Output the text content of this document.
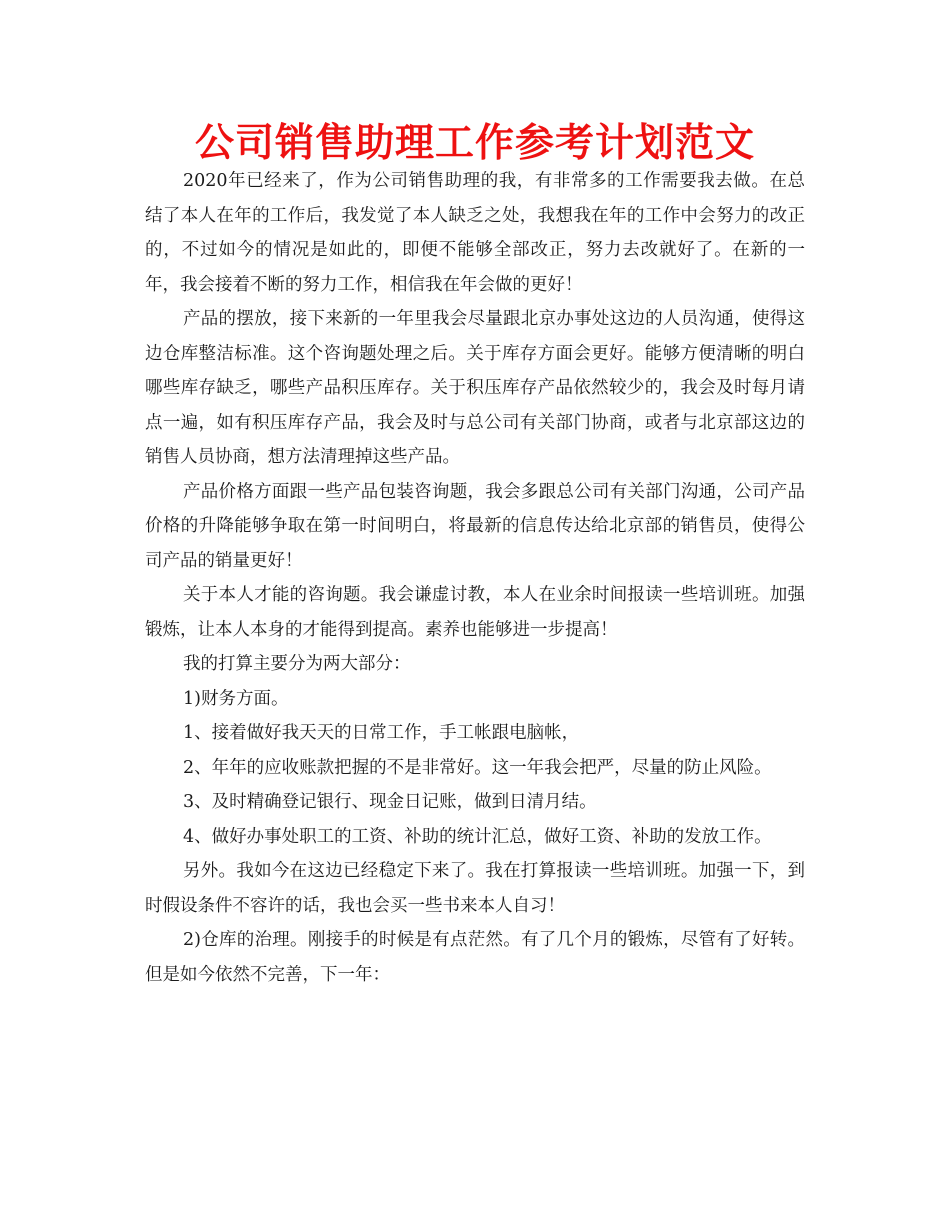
公司销售助理工作参考计划范文

2020年已经来了，作为公司销售助理的我，有非常多的工作需要我去做。在总结了本人在年的工作后，我发觉了本人缺乏之处，我想我在年的工作中会努力的改正的，不过如今的情况是如此的，即便不能够全部改正，努力去改就好了。在新的一年，我会接着不断的努力工作，相信我在年会做的更好！

产品的摆放，接下来新的一年里我会尽量跟北京办事处这边的人员沟通，使得这边仓库整洁标准。这个咨询题处理之后。关于库存方面会更好。能够方便清晰的明白哪些库存缺乏，哪些产品积压库存。关于积压库存产品依然较少的，我会及时每月请点一遍，如有积压库存产品，我会及时与总公司有关部门协商，或者与北京部这边的销售人员协商，想方法清理掉这些产品。

产品价格方面跟一些产品包装咨询题，我会多跟总公司有关部门沟通，公司产品价格的升降能够争取在第一时间明白，将最新的信息传达给北京部的销售员，使得公司产品的销量更好！

关于本人才能的咨询题。我会谦虚讨教，本人在业余时间报读一些培训班。加强锻炼，让本人本身的才能得到提高。素养也能够进一步提高！

我的打算主要分为两大部分：

1)财务方面。

1、接着做好我天天的日常工作，手工帐跟电脑帐，

2、年年的应收账款把握的不是非常好。这一年我会把严，尽量的防止风险。

3、及时精确登记银行、现金日记账，做到日清月结。

4、做好办事处职工的工资、补助的统计汇总，做好工资、补助的发放工作。

另外。我如今在这边已经稳定下来了。我在打算报读一些培训班。加强一下，到时假设条件不容许的话，我也会买一些书来本人自习！

2)仓库的治理。刚接手的时候是有点茫然。有了几个月的锻炼，尽管有了好转。但是如今依然不完善，下一年：
